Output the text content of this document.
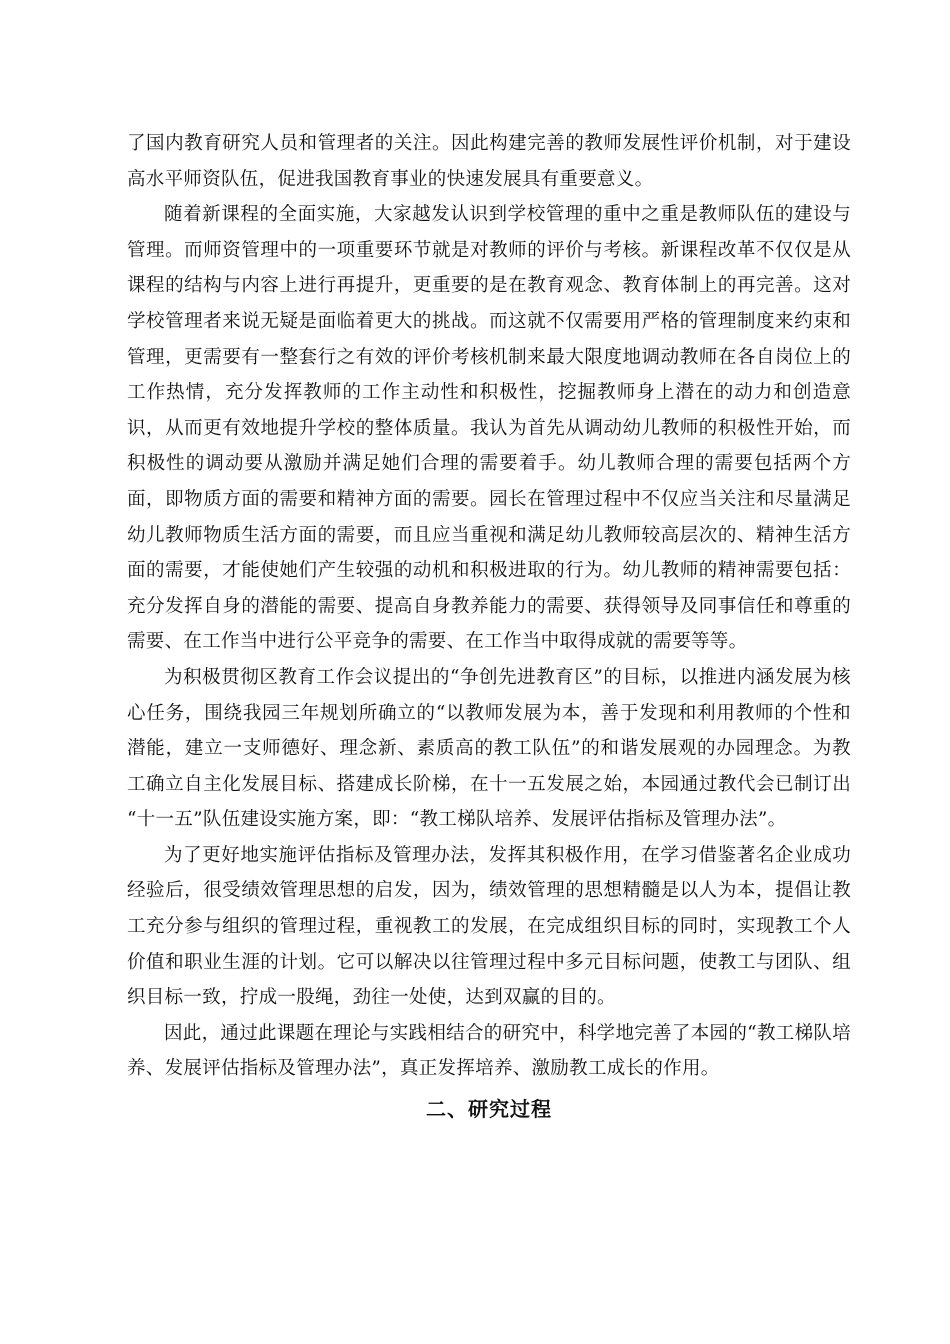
了国内教育研究人员和管理者的关注。因此构建完善的教师发展性评价机制，对于建设高水平师资队伍，促进我国教育事业的快速发展具有重要意义。

随着新课程的全面实施，大家越发认识到学校管理的重中之重是教师队伍的建设与管理。而师资管理中的一项重要环节就是对教师的评价与考核。新课程改革不仅仅是从课程的结构与内容上进行再提升，更重要的是在教育观念、教育体制上的再完善。这对学校管理者来说无疑是面临着更大的挑战。而这就不仅需要用严格的管理制度来约束和管理，更需要有一整套行之有效的评价考核机制来最大限度地调动教师在各自岗位上的工作热情，充分发挥教师的工作主动性和积极性，挖掘教师身上潜在的动力和创造意识，从而更有效地提升学校的整体质量。我认为首先从调动幼儿教师的积极性开始，而积极性的调动要从激励并满足她们合理的需要着手。幼儿教师合理的需要包括两个方面，即物质方面的需要和精神方面的需要。园长在管理过程中不仅应当关注和尽量满足幼儿教师物质生活方面的需要，而且应当重视和满足幼儿教师较高层次的、精神生活方面的需要，才能使她们产生较强的动机和积极进取的行为。幼儿教师的精神需要包括：充分发挥自身的潜能的需要、提高自身教养能力的需要、获得领导及同事信任和尊重的需要、在工作当中进行公平竞争的需要、在工作当中取得成就的需要等等。

为积极贯彻区教育工作会议提出的“争创先进教育区”的目标，以推进内涵发展为核心任务，围绕我园三年规划所确立的“以教师发展为本，善于发现和利用教师的个性和潜能，建立一支师德好、理念新、素质高的教工队伍”的和谐发展观的办园理念。为教工确立自主化发展目标、搭建成长阶梯，在十一五发展之始，本园通过教代会已制订出 “十一五”队伍建设实施方案，即：“教工梯队培养、发展评估指标及管理办法”。

为了更好地实施评估指标及管理办法，发挥其积极作用，在学习借鉴著名企业成功经验后，很受绩效管理思想的启发，因为，绩效管理的思想精髓是以人为本，提倡让教工充分参与组织的管理过程，重视教工的发展，在完成组织目标的同时，实现教工个人价值和职业生涯的计划。它可以解决以往管理过程中多元目标问题，使教工与团队、组织目标一致，拧成一股绳，劲往一处使，达到双赢的目的。

因此，通过此课题在理论与实践相结合的研究中，科学地完善了本园的“教工梯队培养、发展评估指标及管理办法”，真正发挥培养、激励教工成长的作用。

二、研究过程
